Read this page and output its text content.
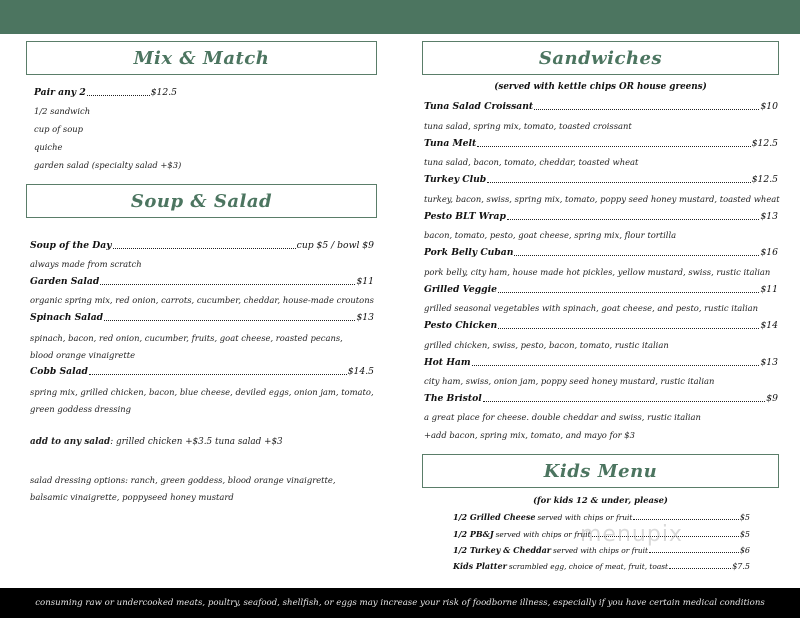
Mix & Match
Pair any 2	$12.5
1/2 sandwich
cup of soup
quiche
garden salad (specialty salad +$3)
Soup & Salad
Soup of the Day	cup $5 / bowl $9
always made from scratch
Garden Salad	$11
organic spring mix, red onion, carrots, cucumber, cheddar, house-made croutons
Spinach Salad	$13
spinach, bacon, red onion, cucumber, fruits, goat cheese, roasted pecans, blood orange vinaigrette
Cobb Salad	$14.5
spring mix, grilled chicken, bacon, blue cheese, deviled eggs, onion jam, tomato, green goddess dressing
add to any salad: grilled chicken +$3.5 tuna salad +$3
salad dressing options: ranch, green goddess, blood orange vinaigrette, balsamic vinaigrette, poppyseed honey mustard
Sandwiches
(served with kettle chips OR house greens)
Tuna Salad Croissant	$10
tuna salad, spring mix, tomato, toasted croissant
Tuna Melt	$12.5
tuna salad, bacon, tomato, cheddar, toasted wheat
Turkey Club	$12.5
turkey, bacon, swiss, spring mix, tomato, poppy seed honey mustard, toasted wheat
Pesto BLT Wrap	$13
bacon, tomato, pesto, goat cheese, spring mix, flour tortilla
Pork Belly Cuban	$16
pork belly, city ham, house made hot pickles, yellow mustard, swiss, rustic italian
Grilled Veggie	$11
grilled seasonal vegetables with spinach, goat cheese, and pesto, rustic italian
Pesto Chicken	$14
grilled chicken, swiss, pesto, bacon, tomato, rustic italian
Hot Ham	$13
city ham, swiss, onion jam, poppy seed honey mustard, rustic italian
The Bristol	$9
a great place for cheese. double cheddar and swiss, rustic italian
+add bacon, spring mix, tomato, and mayo for $3
Kids Menu
(for kids 12 & under, please)
1/2 Grilled Cheese served with chips or fruit	$5
1/2 PB&J served with chips or fruit	$5
1/2 Turkey & Cheddar served with chips or fruit	$6
Kids Platter scrambled egg, choice of meat, fruit, toast	$7.5
menupix
consuming raw or undercooked meats, poultry, seafood, shellfish, or eggs may increase your risk of foodborne illness, especially if you have certain medical conditions
